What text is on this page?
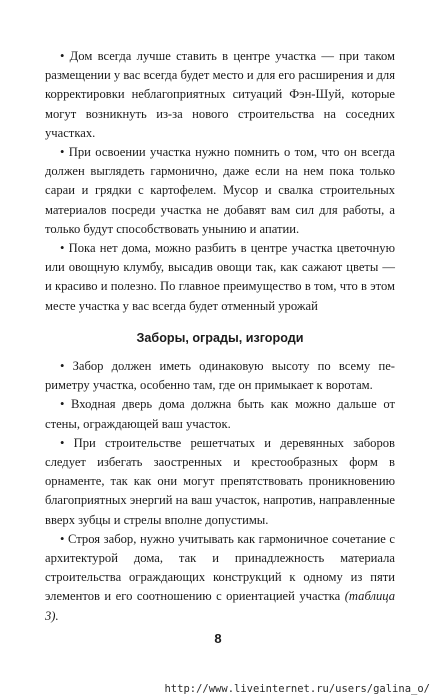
• Дом всегда лучше ставить в центре участка — при таком размещении у вас всегда будет место и для его расширения и для корректировки неблагоприятных ситуаций Фэн-Шуй, которые могут возникнуть из-за нового строительства на соседних участках.

• При освоении участка нужно помнить о том, что он всегда должен выглядеть гармонично, даже если на нем пока только сараи и грядки с картофелем. Мусор и свалка строительных материалов посреди участка не добавят вам сил для работы, а только будут способствовать унынию и апатии.

• Пока нет дома, можно разбить в центре участка цветочную или овощную клумбу, высадив овощи так, как сажают цветы — и красиво и полезно. По главное преимущество в том, что в этом месте участка у вас всегда будет отменный урожай

Заборы, ограды, изгороди

• Забор должен иметь одинаковую высоту по всему периметру участка, особенно там, где он примыкает к воротам.

• Входная дверь дома должна быть как можно дальше от стены, ограждающей ваш участок.

• При строительстве решетчатых и деревянных заборов следует избегать заостренных и крестообразных форм в орнаменте, так как они могут препятствовать проникновению благоприятных энергий на ваш участок, напротив, направленные вверх зубцы и стрелы вполне допустимы.

• Строя забор, нужно учитывать как гармоничное сочетание с архитектурой дома, так и принадлежность материала строительства ограждающих конструкций к одному из пяти элементов и его соотношению с ориентацией участка (таблица 3).

8
http://www.liveinternet.ru/users/galina_o/
